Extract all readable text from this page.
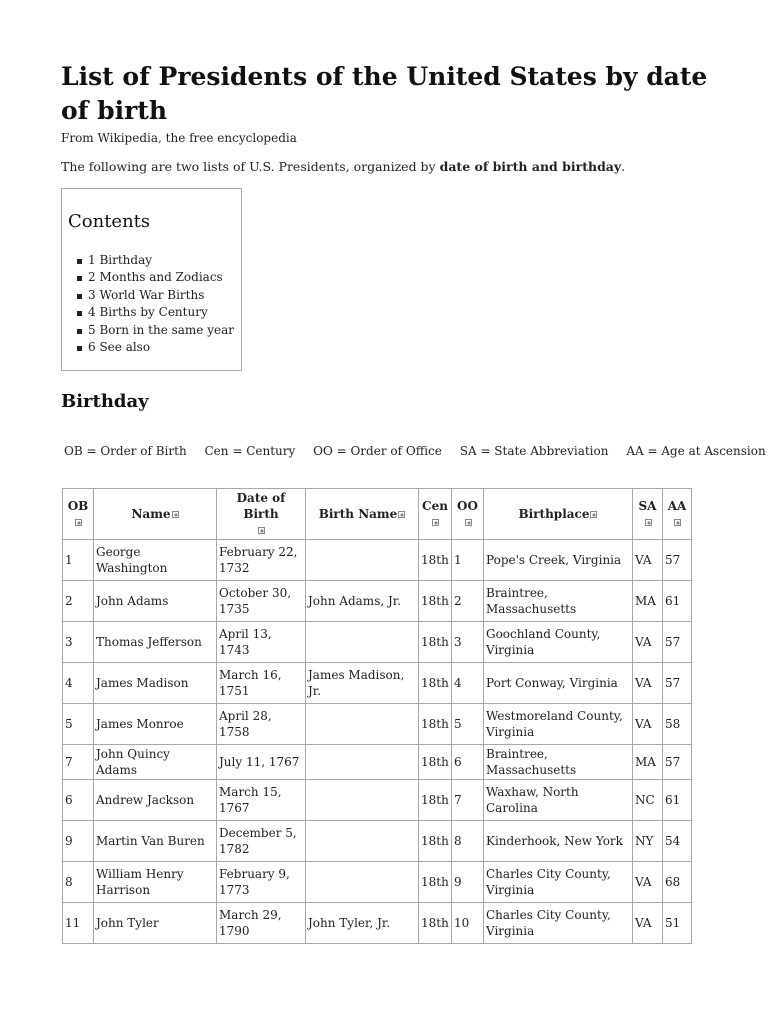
List of Presidents of the United States by date of birth
From Wikipedia, the free encyclopedia
The following are two lists of U.S. Presidents, organized by date of birth and birthday.
Contents
1 Birthday
2 Months and Zodiacs
3 World War Births
4 Births by Century
5 Born in the same year
6 See also
Birthday
OB = Order of Birth Cen = Century OO = Order of Office SA = State Abbreviation AA = Age at Ascension
OB	Name	Date of Birth	Birth Name	Cen	OO	Birthplace	SA	AA

1	George Washington	February 22, 1732		18th	1	Pope's Creek, Virginia	VA	57
2	John Adams	October 30, 1735	John Adams, Jr.	18th	2	Braintree, Massachusetts	MA	61
3	Thomas Jefferson	April 13, 1743		18th	3	Goochland County, Virginia	VA	57
4	James Madison	March 16, 1751	James Madison, Jr.	18th	4	Port Conway, Virginia	VA	57
5	James Monroe	April 28, 1758		18th	5	Westmoreland County, Virginia	VA	58
7	John Quincy Adams	July 11, 1767		18th	6	Braintree, Massachusetts	MA	57
6	Andrew Jackson	March 15, 1767		18th	7	Waxhaw, North Carolina	NC	61
9	Martin Van Buren	December 5, 1782		18th	8	Kinderhook, New York	NY	54
8	William Henry Harrison	February 9, 1773		18th	9	Charles City County, Virginia	VA	68
11	John Tyler	March 29, 1790	John Tyler, Jr.	18th	10	Charles City County, Virginia	VA	51
